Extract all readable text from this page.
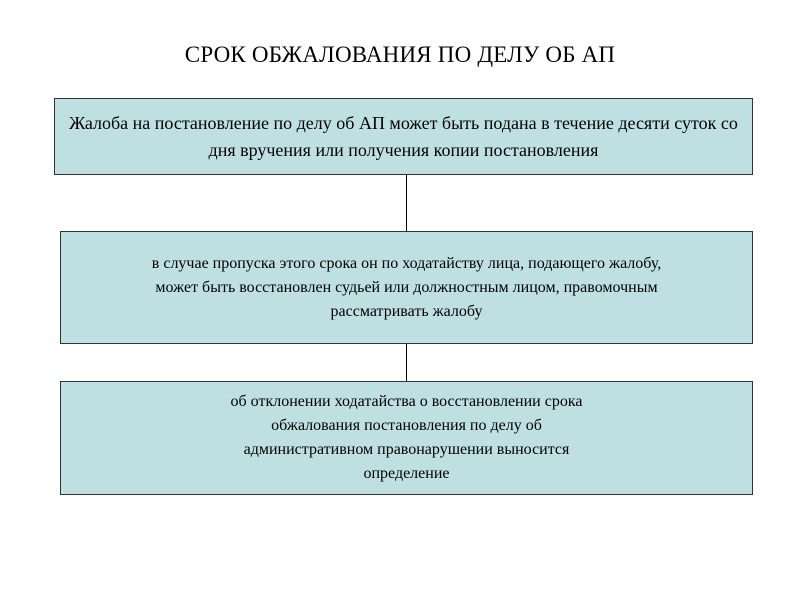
СРОК ОБЖАЛОВАНИЯ ПО ДЕЛУ ОБ АП
Жалоба на постановление по делу об АП может быть подана в течение десяти суток со дня вручения или получения копии постановления
в случае пропуска этого срока он по ходатайству лица, подающего жалобу, может быть восстановлен судьей или должностным лицом, правомочным рассматривать жалобу
об отклонении ходатайства о восстановлении срока обжалования постановления по делу об административном правонарушении выносится определение
